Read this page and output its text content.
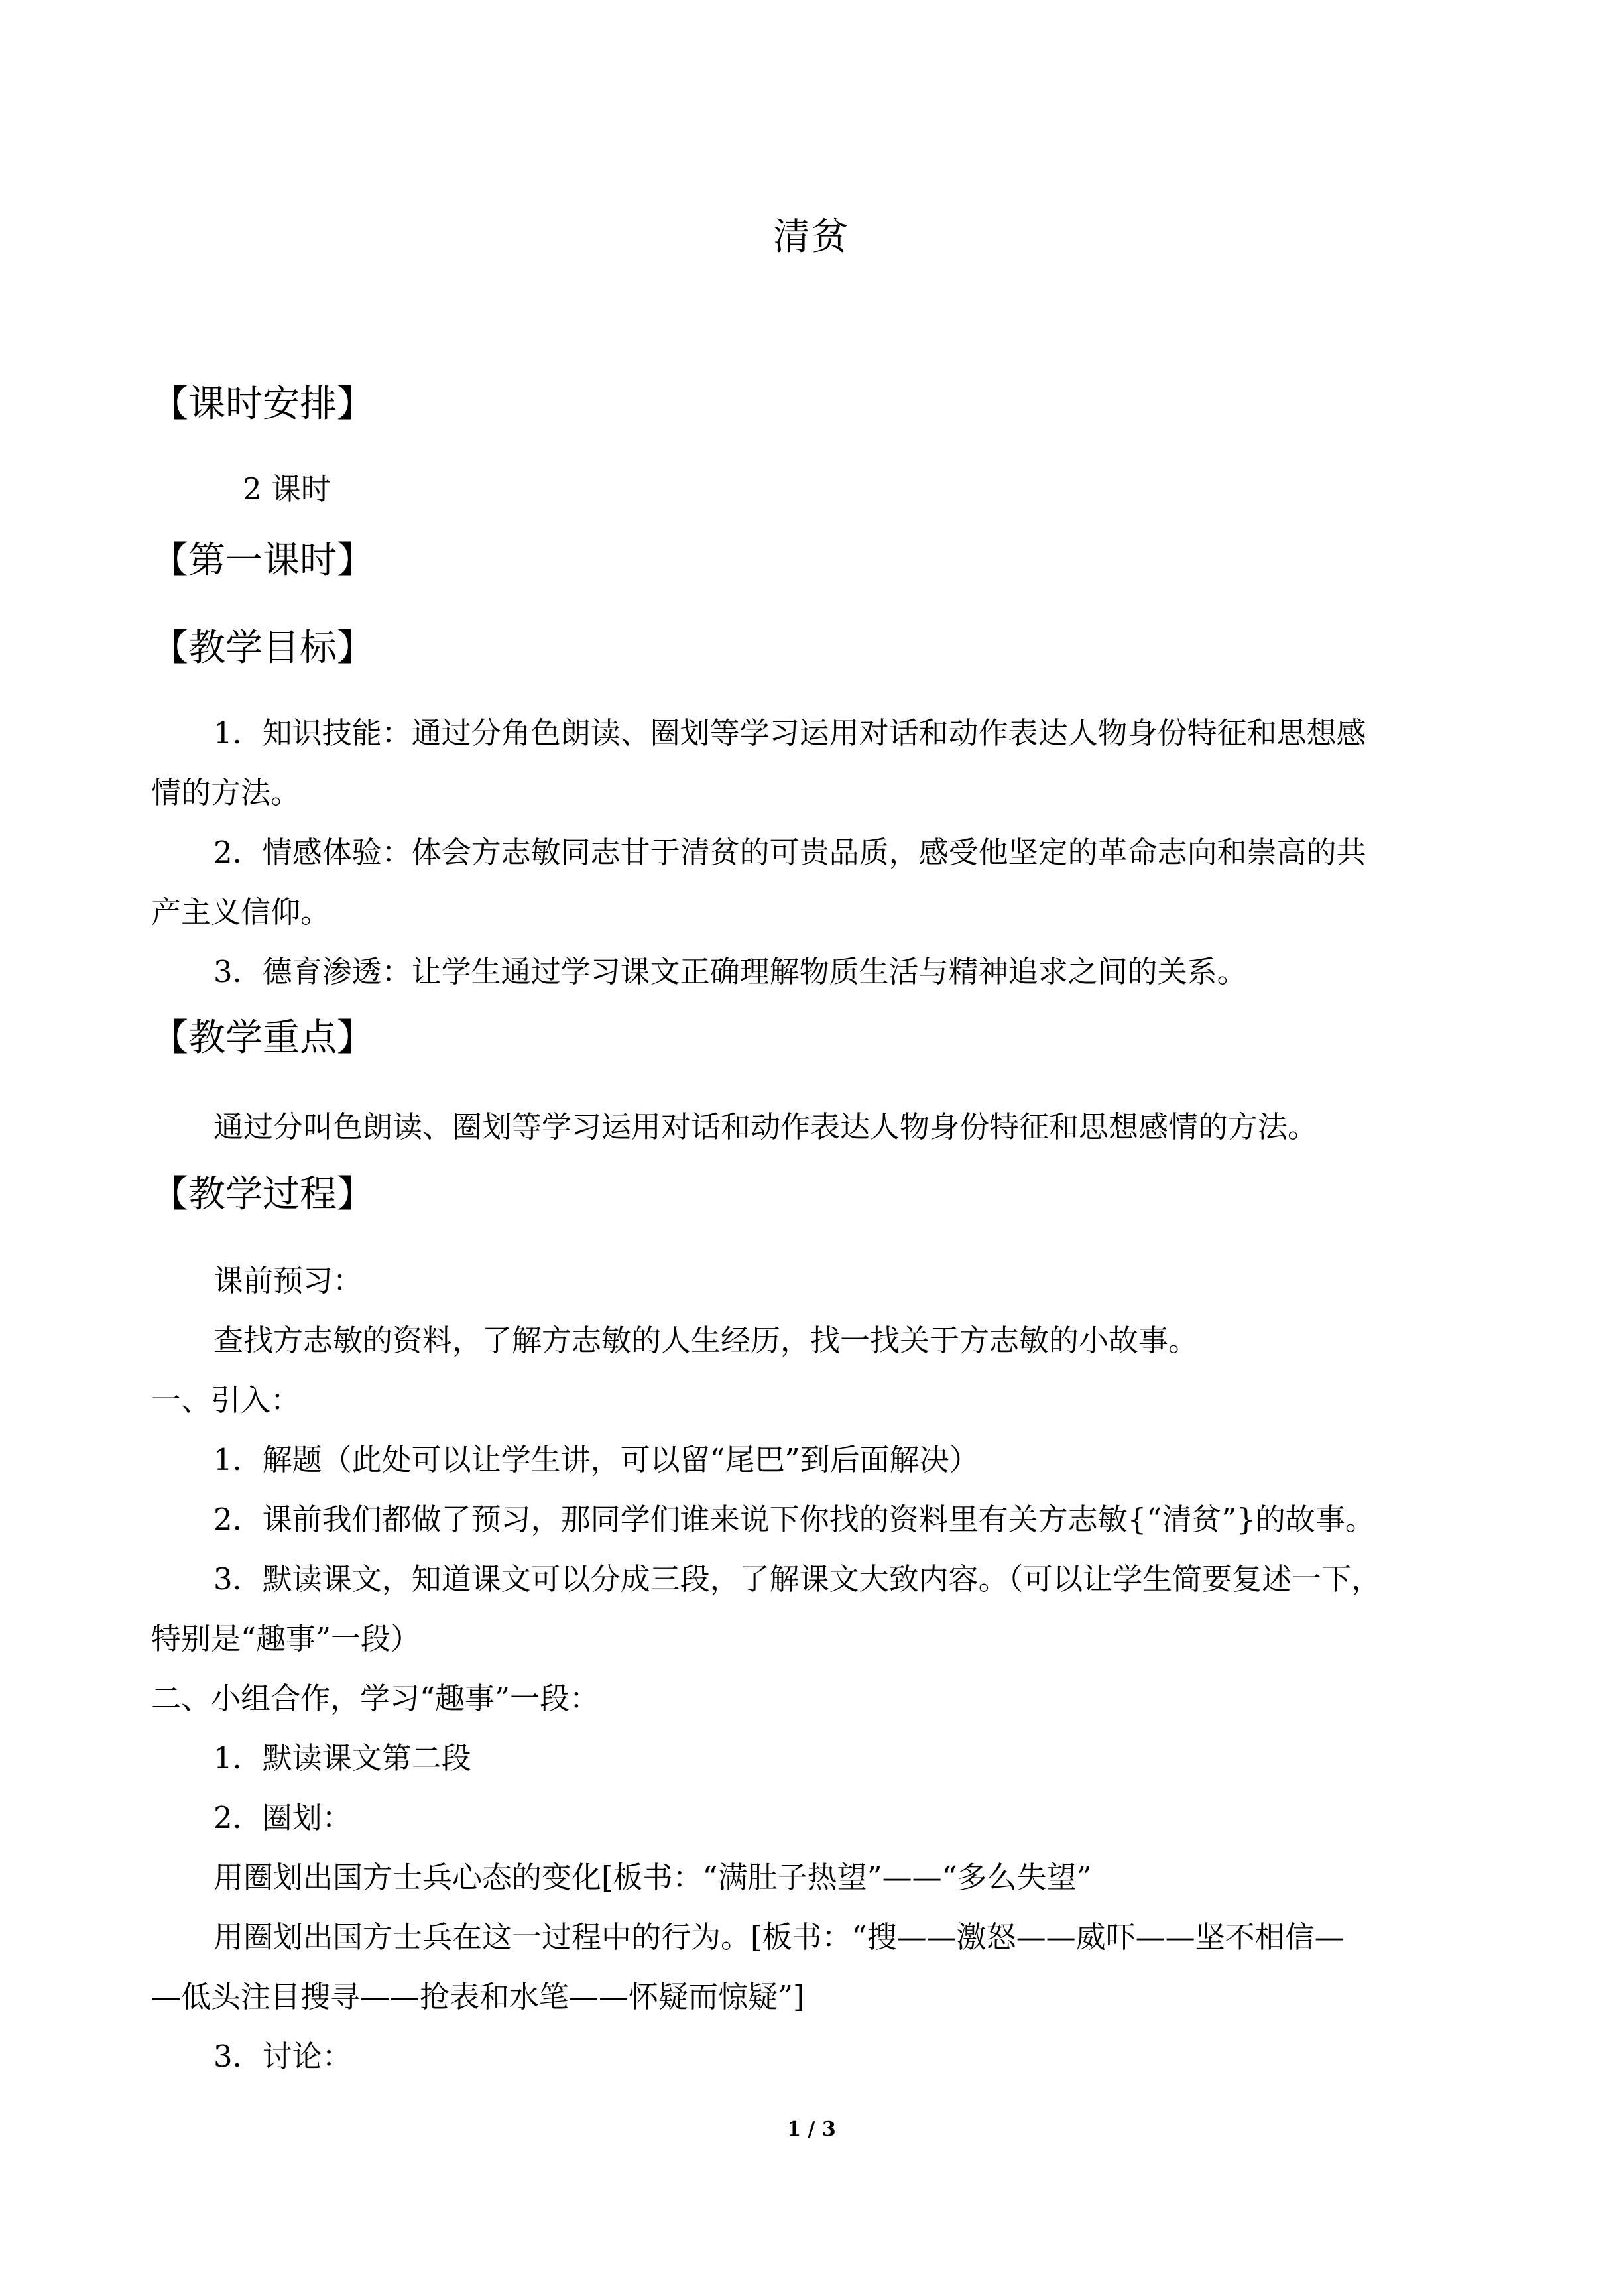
清贫
【课时安排】
2 课时
【第一课时】
【教学目标】
1．知识技能：通过分角色朗读、圈划等学习运用对话和动作表达人物身份特征和思想感
情的方法。
2．情感体验：体会方志敏同志甘于清贫的可贵品质，感受他坚定的革命志向和崇高的共
产主义信仰。
3．德育渗透：让学生通过学习课文正确理解物质生活与精神追求之间的关系。
【教学重点】
通过分叫色朗读、圈划等学习运用对话和动作表达人物身份特征和思想感情的方法。
【教学过程】
课前预习：
查找方志敏的资料，了解方志敏的人生经历，找一找关于方志敏的小故事。
一、引入：
1．解题（此处可以让学生讲，可以留“尾巴”到后面解决）
2．课前我们都做了预习，那同学们谁来说下你找的资料里有关方志敏{“清贫”}的故事。
3．默读课文，知道课文可以分成三段，了解课文大致内容。（可以让学生简要复述一下，
特别是“趣事”一段）
二、小组合作，学习“趣事”一段：
1．默读课文第二段
2．圈划：
用圈划出国方士兵心态的变化[板书：“满肚子热望”——“多么失望”
用圈划出国方士兵在这一过程中的行为。[板书：“搜——激怒——威吓——坚不相信—
—低头注目搜寻——抢表和水笔——怀疑而惊疑”]
3．讨论：
1 / 3
